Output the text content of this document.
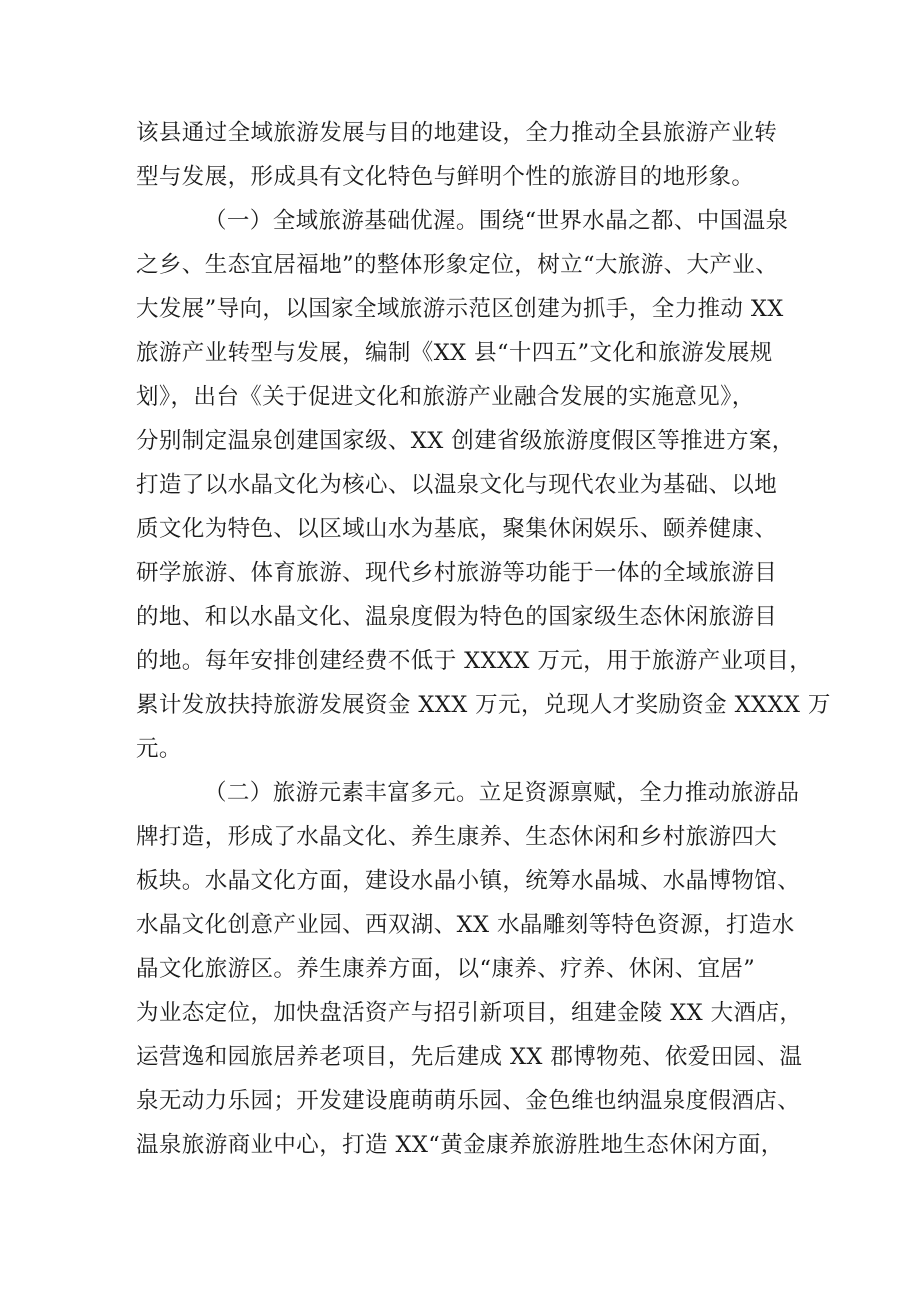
该县通过全域旅游发展与目的地建设，全力推动全县旅游产业转
型与发展，形成具有文化特色与鲜明个性的旅游目的地形象。
（一）全域旅游基础优渥。围绕“世界水晶之都、中国温泉
之乡、生态宜居福地”的整体形象定位，树立“大旅游、大产业、
大发展”导向，以国家全域旅游示范区创建为抓手，全力推动 XX
旅游产业转型与发展，编制《XX 县“十四五”文化和旅游发展规
划》，出台《关于促进文化和旅游产业融合发展的实施意见》，
分别制定温泉创建国家级、XX 创建省级旅游度假区等推进方案，
打造了以水晶文化为核心、以温泉文化与现代农业为基础、以地
质文化为特色、以区域山水为基底，聚集休闲娱乐、颐养健康、
研学旅游、体育旅游、现代乡村旅游等功能于一体的全域旅游目
的地、和以水晶文化、温泉度假为特色的国家级生态休闲旅游目
的地。每年安排创建经费不低于 XXXX 万元，用于旅游产业项目，
累计发放扶持旅游发展资金 XXX 万元，兑现人才奖励资金 XXXX 万
元。
（二）旅游元素丰富多元。立足资源禀赋，全力推动旅游品
牌打造，形成了水晶文化、养生康养、生态休闲和乡村旅游四大
板块。水晶文化方面，建设水晶小镇，统筹水晶城、水晶博物馆、
水晶文化创意产业园、西双湖、XX 水晶雕刻等特色资源，打造水
晶文化旅游区。养生康养方面，以“康养、疗养、休闲、宜居”
为业态定位，加快盘活资产与招引新项目，组建金陵 XX 大酒店，
运营逸和园旅居养老项目，先后建成 XX 郡博物苑、依爱田园、温
泉无动力乐园；开发建设鹿萌萌乐园、金色维也纳温泉度假酒店、
温泉旅游商业中心，打造 XX“黄金康养旅游胜地生态休闲方面，
